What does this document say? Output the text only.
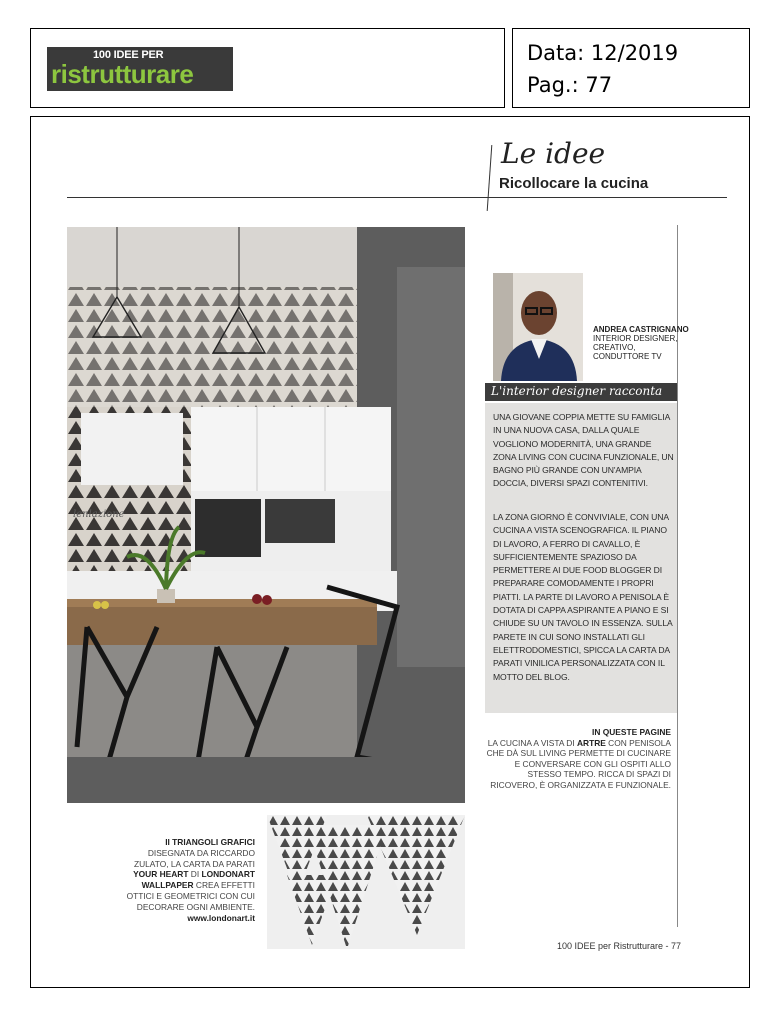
100 IDEE PER
ristrutturare
Data: 12/2019
Pag.: 77
Le idee
Ricollocare la cucina
lenlazione
ANDREA CASTRIGNANO
INTERIOR DESIGNER,
CREATIVO,
CONDUTTORE TV
L'interior designer racconta
UNA GIOVANE COPPIA METTE SU FAMIGLIA IN UNA NUOVA CASA, DALLA QUALE VOGLIONO MODERNITÀ, UNA GRANDE ZONA LIVING CON CUCINA FUNZIONALE, UN BAGNO PIÙ GRANDE CON UN'AMPIA DOCCIA, DIVERSI SPAZI CONTENITIVI.
LA ZONA GIORNO È CONVIVIALE, CON UNA CUCINA A VISTA SCENOGRAFICA. IL PIANO DI LAVORO, A FERRO DI CAVALLO, È SUFFICIENTEMENTE SPAZIOSO DA PERMETTERE AI DUE FOOD BLOGGER DI PREPARARE COMODAMENTE I PROPRI PIATTI. LA PARTE DI LAVORO A PENISOLA È DOTATA DI CAPPA ASPIRANTE A PIANO E SI CHIUDE SU UN TAVOLO IN ESSENZA. SULLA PARETE IN CUI SONO INSTALLATI GLI ELETTRODOMESTICI, SPICCA LA CARTA DA PARATI VINILICA PERSONALIZZATA CON IL MOTTO DEL BLOG.
IN QUESTE PAGINE
LA CUCINA A VISTA DI ARTRE CON PENISOLA CHE DÀ SUL LIVING PERMETTE DI CUCINARE E CONVERSARE CON GLI OSPITI ALLO STESSO TEMPO. RICCA DI SPAZI DI RICOVERO, È ORGANIZZATA E FUNZIONALE.
II TRIANGOLI GRAFICI DISEGNATA DA RICCARDO ZULATO, LA CARTA DA PARATI YOUR HEART DI LONDONART WALLPAPER CREA EFFETTI OTTICI E GEOMETRICI CON CUI DECORARE OGNI AMBIENTE. www.londonart.it
100 IDEE per Ristrutturare - 77
